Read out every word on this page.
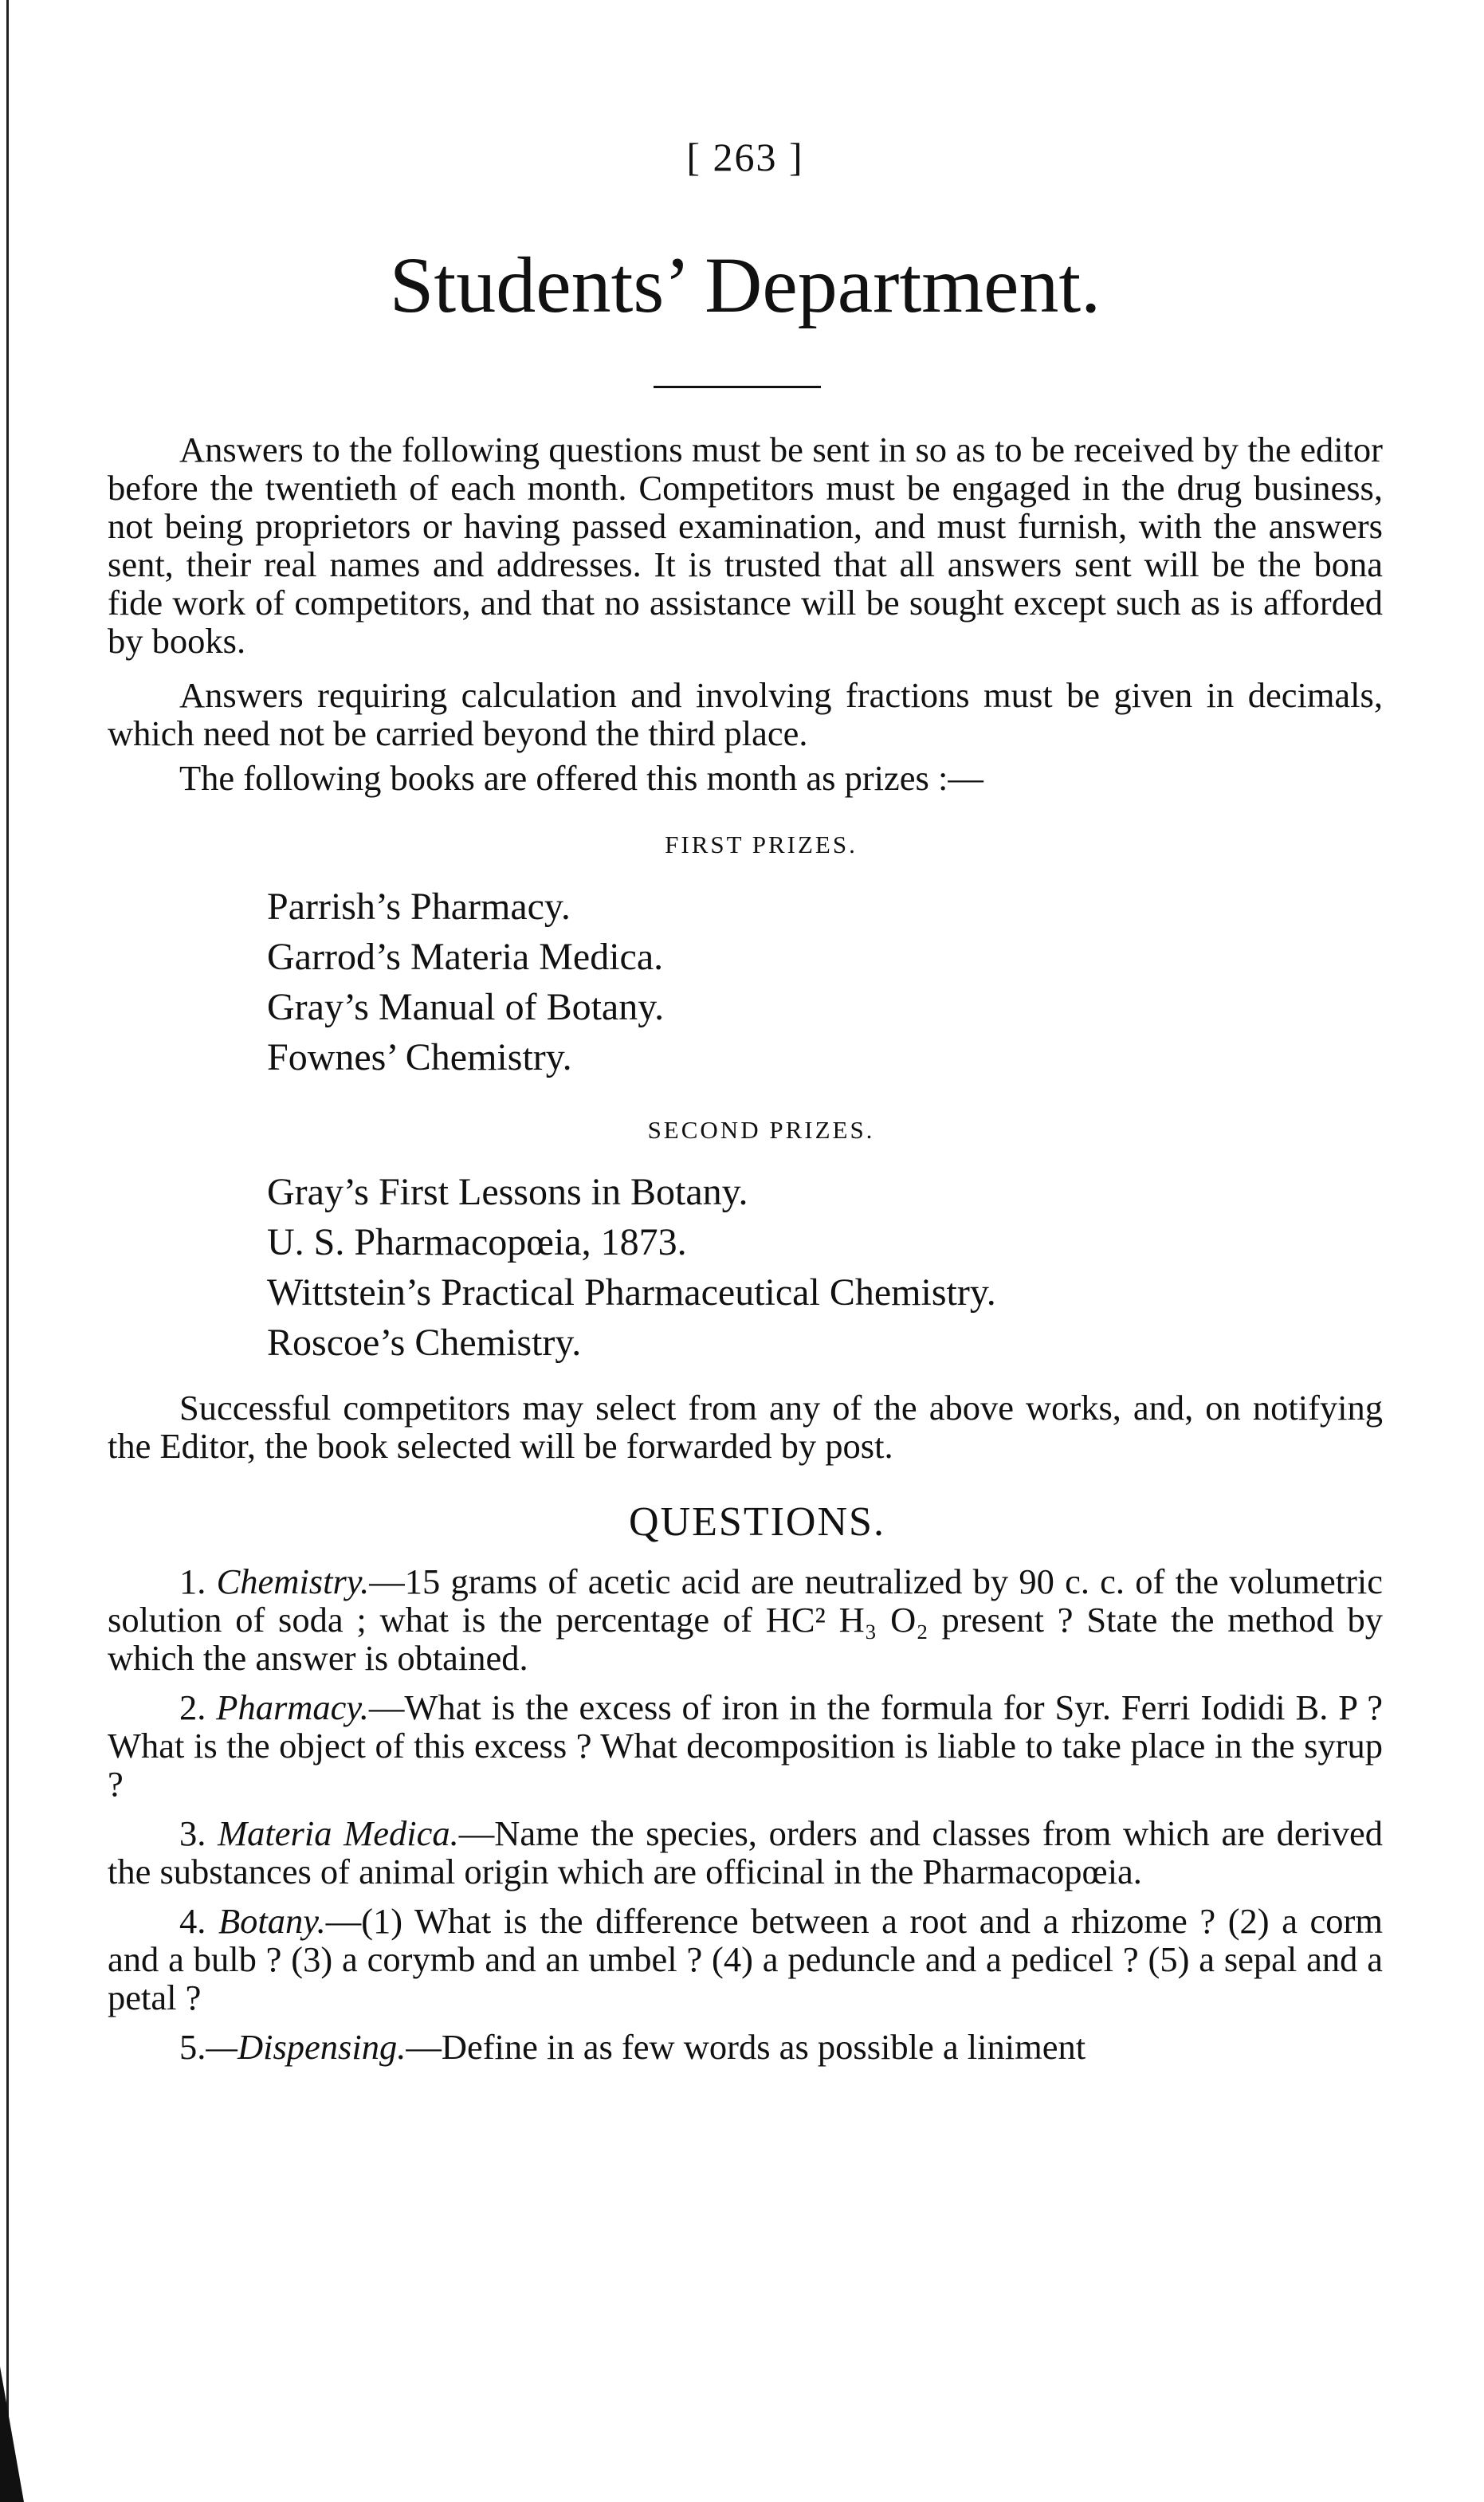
[ 263 ]
Students’ Department.

Answers to the following questions must be sent in so as to be received by the editor before the twentieth of each month. Competitors must be engaged in the drug business, not being proprietors or having passed examination, and must furnish, with the answers sent, their real names and addresses. It is trusted that all answers sent will be the bona fide work of competitors, and that no assistance will be sought except such as is afforded by books.

Answers requiring calculation and involving fractions must be given in decimals, which need not be carried beyond the third place.

The following books are offered this month as prizes :—

FIRST PRIZES.
Parrish’s Pharmacy.
Garrod’s Materia Medica.
Gray’s Manual of Botany.
Fownes’ Chemistry.
SECOND PRIZES.
Gray’s First Lessons in Botany.
U. S. Pharmacopœia, 1873.
Wittstein’s Practical Pharmaceutical Chemistry.
Roscoe’s Chemistry.

Successful competitors may select from any of the above works, and, on notifying the Editor, the book selected will be forwarded by post.

QUESTIONS.
1. Chemistry.—15 grams of acetic acid are neutralized by 90 c. c. of the volumetric solution of soda ; what is the percentage of HC² H₃ O₂ present ? State the method by which the answer is obtained.
2. Pharmacy.—What is the excess of iron in the formula for Syr. Ferri Iodidi B. P ? What is the object of this excess ? What decomposition is liable to take place in the syrup ?
3. Materia Medica.—Name the species, orders and classes from which are derived the substances of animal origin which are officinal in the Pharmacopœia.
4. Botany.—(1) What is the difference between a root and a rhizome ? (2) a corm and a bulb ? (3) a corymb and an umbel ? (4) a peduncle and a pedicel ? (5) a sepal and a petal ?
5.—Dispensing.—Define in as few words as possible a liniment
